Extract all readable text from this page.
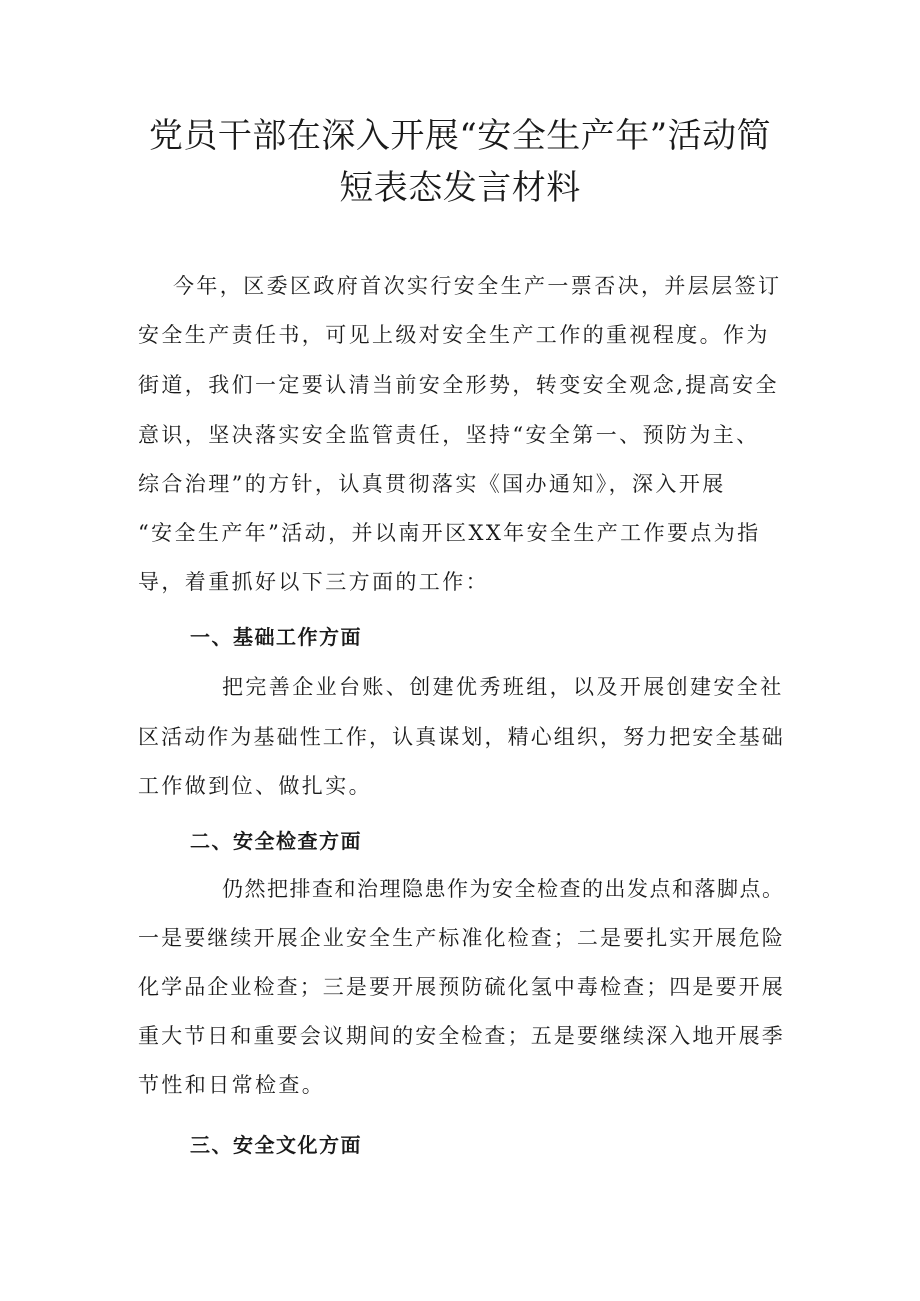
党员干部在深入开展“安全生产年”活动简
短表态发言材料

今年，区委区政府首次实行安全生产一票否决，并层层签订

安全生产责任书，可见上级对安全生产工作的重视程度。作为

街道，我们一定要认清当前安全形势，转变安全观念,提高安全

意识，坚决落实安全监管责任，坚持“安全第一、预防为主、

综合治理”的方针，认真贯彻落实《国办通知》，深入开展

“安全生产年”活动，并以南开区XX年安全生产工作要点为指

导，着重抓好以下三方面的工作：

一、基础工作方面

把完善企业台账、创建优秀班组，以及开展创建安全社

区活动作为基础性工作，认真谋划，精心组织，努力把安全基础

工作做到位、做扎实。

二、安全检查方面

仍然把排查和治理隐患作为安全检查的出发点和落脚点。

一是要继续开展企业安全生产标准化检查；二是要扎实开展危险

化学品企业检查；三是要开展预防硫化氢中毒检查；四是要开展

重大节日和重要会议期间的安全检查；五是要继续深入地开展季

节性和日常检查。

三、安全文化方面
